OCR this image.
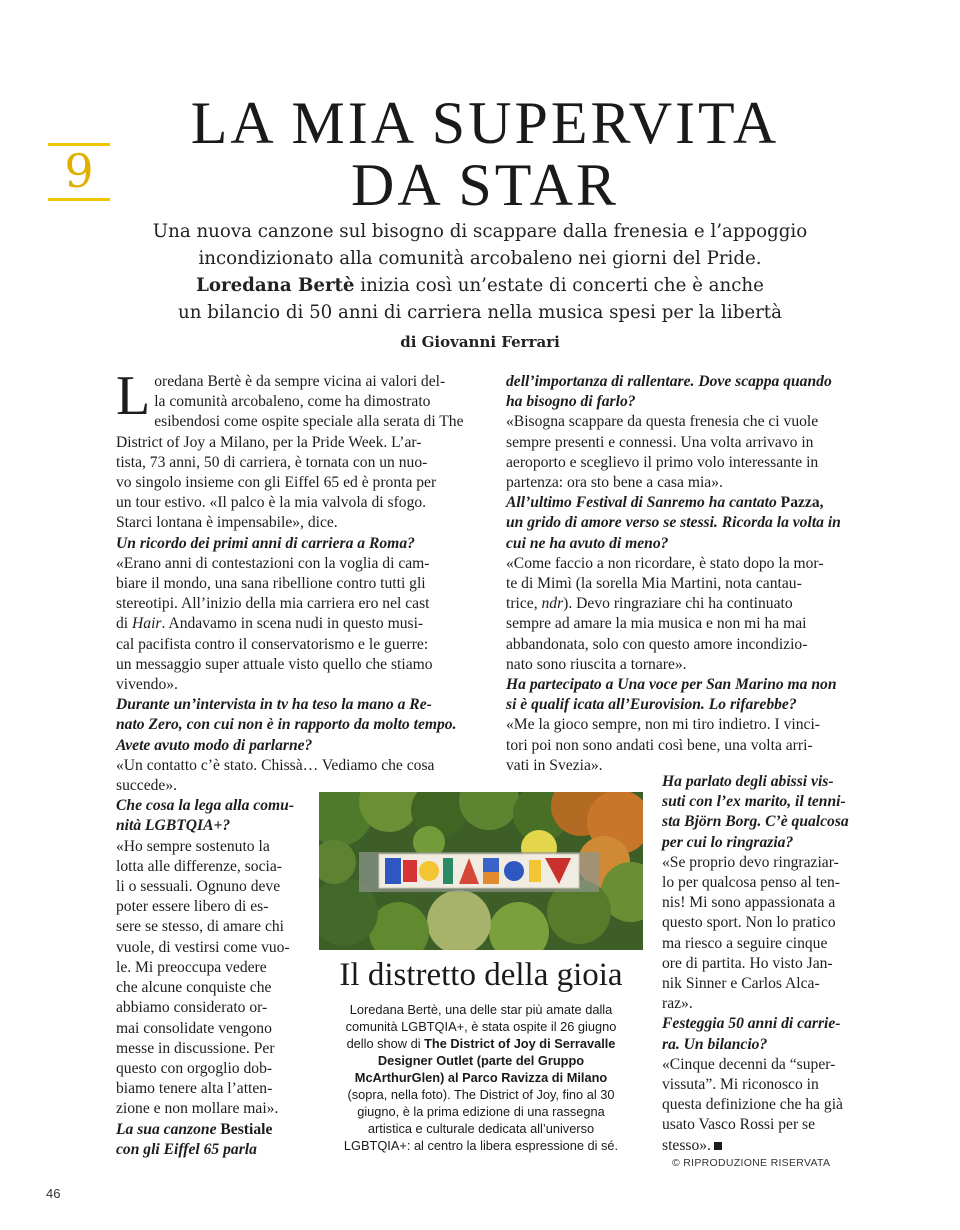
9
LA MIA SUPERVITA
DA STAR
Una nuova canzone sul bisogno di scappare dalla frenesia e l’appoggio
incondizionato alla comunità arcobaleno nei giorni del Pride.
Loredana Bertè inizia così un’estate di concerti che è anche
un bilancio di 50 anni di carriera nella musica spesi per la libertà
di Giovanni Ferrari
L oredana Bertè è da sempre vicina ai valori del-
la comunità arcobaleno, come ha dimostrato
esibendosi come ospite speciale alla serata di The
District of Joy a Milano, per la Pride Week. L’ar-
tista, 73 anni, 50 di carriera, è tornata con un nuo-
vo singolo insieme con gli Eiffel 65 ed è pronta per
un tour estivo. «Il palco è la mia valvola di sfogo.
Starci lontana è impensabile», dice.
Un ricordo dei primi anni di carriera a Roma?
«Erano anni di contestazioni con la voglia di cam-
biare il mondo, una sana ribellione contro tutti gli
stereotipi. All’inizio della mia carriera ero nel cast
di Hair. Andavamo in scena nudi in questo musi-
cal pacifista contro il conservatorismo e le guerre:
un messaggio super attuale visto quello che stiamo
vivendo».
Durante un’intervista in tv ha teso la mano a Re-
nato Zero, con cui non è in rapporto da molto tempo.
Avete avuto modo di parlarne?
«Un contatto c’è stato. Chissà… Vediamo che cosa
succede».
Che cosa la lega alla comu-
nità LGBTQIA+?
«Ho sempre sostenuto la
lotta alle differenze, socia-
li o sessuali. Ognuno deve
poter essere libero di es-
sere se stesso, di amare chi
vuole, di vestirsi come vuo-
le. Mi preoccupa vedere
che alcune conquiste che
abbiamo considerato or-
mai consolidate vengono
messe in discussione. Per
questo con orgoglio dob-
biamo tenere alta l’atten-
zione e non mollare mai».
La sua canzone Bestiale
con gli Eiffel 65 parla
dell’importanza di rallentare. Dove scappa quando
ha bisogno di farlo?
«Bisogna scappare da questa frenesia che ci vuole
sempre presenti e connessi. Una volta arrivavo in
aeroporto e sceglievo il primo volo interessante in
partenza: ora sto bene a casa mia».
All’ultimo Festival di Sanremo ha cantato Pazza,
un grido di amore verso se stessi. Ricorda la volta in
cui ne ha avuto di meno?
«Come faccio a non ricordare, è stato dopo la mor-
te di Mimì (la sorella Mia Martini, nota cantau-
trice, ndr). Devo ringraziare chi ha continuato
sempre ad amare la mia musica e non mi ha mai
abbandonata, solo con questo amore incondizio-
nato sono riuscita a tornare».
Ha partecipato a Una voce per San Marino ma non
si è qualif icata all’Eurovision. Lo rifarebbe?
«Me la gioco sempre, non mi tiro indietro. I vinci-
tori poi non sono andati così bene, una volta arri-
vati in Svezia».
Ha parlato degli abissi vis-
suti con l’ex marito, il tenni-
sta Björn Borg. C’è qualcosa
per cui lo ringrazia?
«Se proprio devo ringraziar-
lo per qualcosa penso al ten-
nis! Mi sono appassionata a
questo sport. Non lo pratico
ma riesco a seguire cinque
ore di partita. Ho visto Jan-
nik Sinner e Carlos Alca-
raz».
Festeggia 50 anni di carrie-
ra. Un bilancio?
«Cinque decenni da “super-
vissuta”. Mi riconosco in
questa definizione che ha già
usato Vasco Rossi per se
stesso».
Il distretto della gioia
Loredana Bertè, una delle star più amate dalla
comunità LGBTQIA+, è stata ospite il 26 giugno
dello show di The District of Joy di Serravalle
Designer Outlet (parte del Gruppo
McArthurGlen) al Parco Ravizza di Milano
(sopra, nella foto). The District of Joy, fino al 30
giugno, è la prima edizione di una rassegna
artistica e culturale dedicata all’universo
LGBTQIA+: al centro la libera espressione di sé.
© RIPRODUZIONE RISERVATA
46
